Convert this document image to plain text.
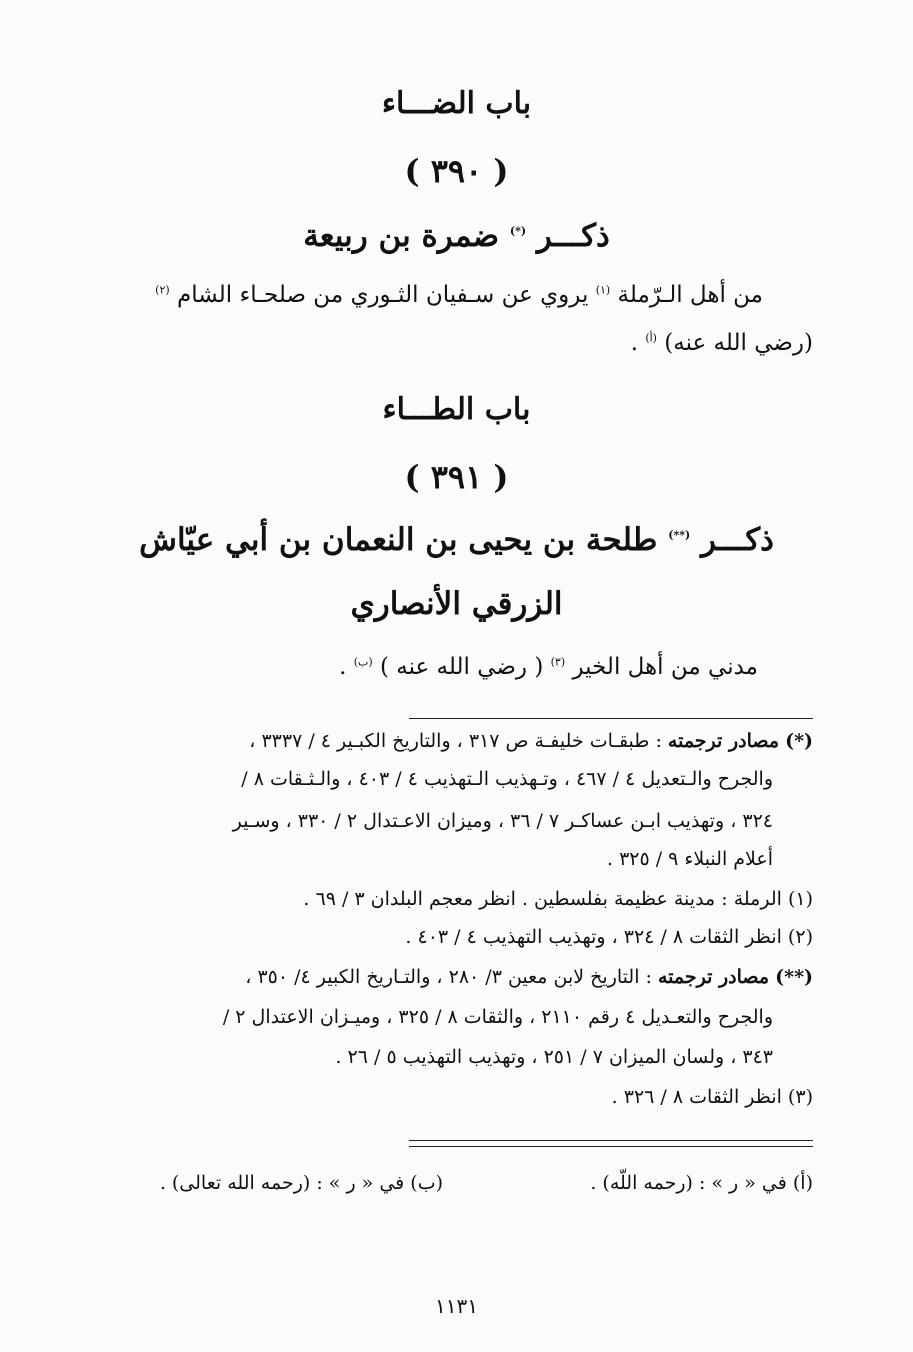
باب الضـــاء
( ٣٩٠ )
ذكـــر (*) ضمرة بن ربيعة
من أهل الـرّملة $^{(١)}$ يروي عن سـفيان الثـوري من صلحـاء الشام $^{(٢)}$
(رضي الله عنه) $^{(أ)}$ .
باب الطـــاء
( ٣٩١ )
ذكـــر (**) طلحة بن يحيى بن النعمان بن أبي عيّاش
الزرقي الأنصاري
مدني من أهل الخير $^{(٣)}$ ( رضي الله عنه ) $^{(ب)}$ .
(*) مصادر ترجمته : طبقـات خليفـة ص ٣١٧ ، والتاريخ الكبـير ٤ / ٣٣٣٧ ،
والجرح والـتعديل ٤ / ٤٦٧ ، وتـهذيب الـتهذيب ٤ / ٤٠٣ ، والـثـقات ٨ /
٣٢٤ ، وتهذيب ابـن عساكـر ٧ / ٣٦ ، وميزان الاعـتدال ٢ / ٣٣٠ ، وسـير
أعلام النبلاء ٩ / ٣٢٥ .
(١) الرملة : مدينة عظيمة بفلسطين . انظر معجم البلدان ٣ / ٦٩ .
(٢) انظر الثقات ٨ / ٣٢٤ ، وتهذيب التهذيب ٤ / ٤٠٣ .
(**) مصادر ترجمته : التاريخ لابن معين ٣/ ٢٨٠ ، والتـاريخ الكبير ٤/ ٣٥٠ ،
والجرح والتعـديل ٤ رقم ٢١١٠ ، والثقات ٨ / ٣٢٥ ، وميـزان الاعتدال ٢ /
٣٤٣ ، ولسان الميزان ٧ / ٢٥١ ، وتهذيب التهذيب ٥ / ٢٦ .
(٣) انظر الثقات ٨ / ٣٢٦ .
(أ) في « ر » : (رحمه اللّه) .
(ب) في « ر » : (رحمه الله تعالى) .
١١٣١
